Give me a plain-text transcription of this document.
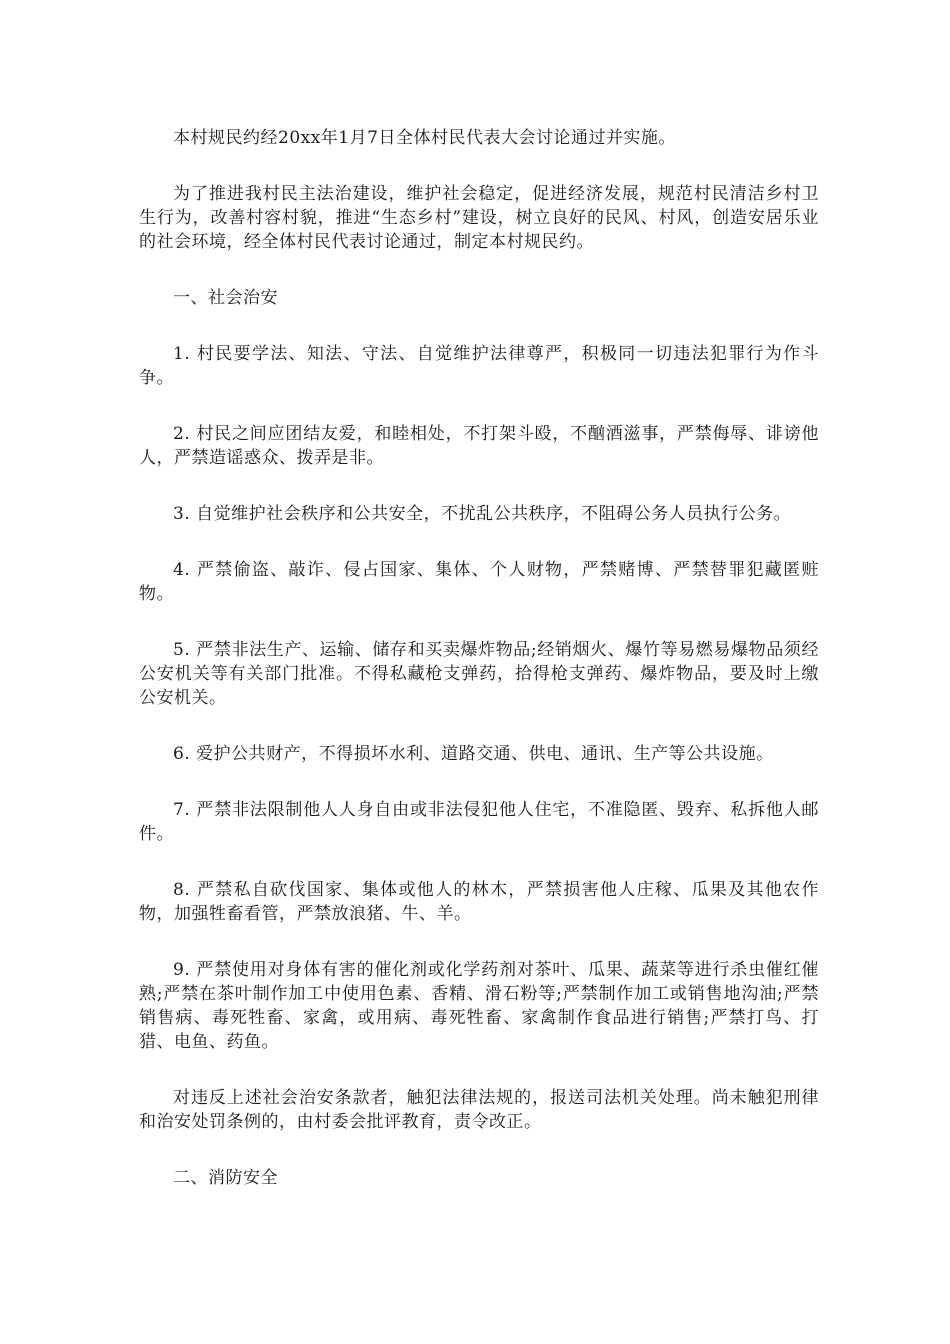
本村规民约经20xx年1月7日全体村民代表大会讨论通过并实施。

为了推进我村民主法治建设，维护社会稳定，促进经济发展，规范村民清洁乡村卫生行为，改善村容村貌，推进“生态乡村”建设，树立良好的民风、村风，创造安居乐业的社会环境，经全体村民代表讨论通过，制定本村规民约。

一、社会治安

1. 村民要学法、知法、守法、自觉维护法律尊严，积极同一切违法犯罪行为作斗争。

2. 村民之间应团结友爱，和睦相处，不打架斗殴，不酗酒滋事，严禁侮辱、诽谤他人，严禁造谣惑众、拨弄是非。

3. 自觉维护社会秩序和公共安全，不扰乱公共秩序，不阻碍公务人员执行公务。

4. 严禁偷盗、敲诈、侵占国家、集体、个人财物，严禁赌博、严禁替罪犯藏匿赃物。

5. 严禁非法生产、运输、储存和买卖爆炸物品;经销烟火、爆竹等易燃易爆物品须经公安机关等有关部门批准。不得私藏枪支弹药，拾得枪支弹药、爆炸物品，要及时上缴公安机关。

6. 爱护公共财产，不得损坏水利、道路交通、供电、通讯、生产等公共设施。

7. 严禁非法限制他人人身自由或非法侵犯他人住宅，不准隐匿、毁弃、私拆他人邮件。

8. 严禁私自砍伐国家、集体或他人的林木，严禁损害他人庄稼、瓜果及其他农作物，加强牲畜看管，严禁放浪猪、牛、羊。

9. 严禁使用对身体有害的催化剂或化学药剂对茶叶、瓜果、蔬菜等进行杀虫催红催熟;严禁在茶叶制作加工中使用色素、香精、滑石粉等;严禁制作加工或销售地沟油;严禁销售病、毒死牲畜、家禽，或用病、毒死牲畜、家禽制作食品进行销售;严禁打鸟、打猎、电鱼、药鱼。

对违反上述社会治安条款者，触犯法律法规的，报送司法机关处理。尚未触犯刑律和治安处罚条例的，由村委会批评教育，责令改正。

二、消防安全
